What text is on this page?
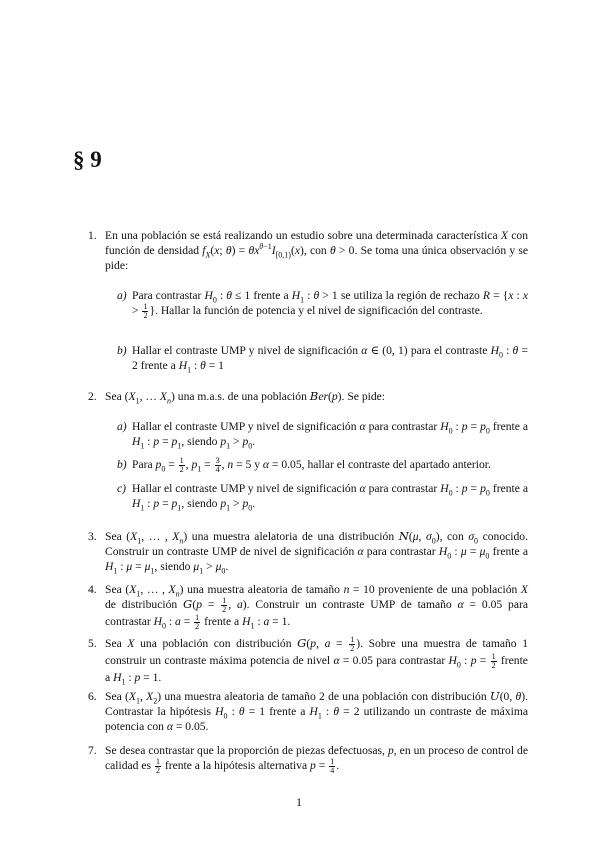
§ 9
1. En una población se está realizando un estudio sobre una determinada característica X con función de densidad $f_X(x$; $\theta) = \theta x^{\theta-1}I_{[0,1)}(x)$, con θ > 0. Se toma una única observación y se pide:
a) Para contrastar $H_0$ : θ ≤ 1 frente a $H_1$ : θ > 1 se utiliza la región de rechazo R = {x : $x > \frac{1}{2}$ }. Hallar la función de potencia y el nivel de significación del contraste.
b) Hallar el contraste UMP y nivel de significación α ∈ (0, 1) para el contraste $H_0$ : θ = 2 frente a $H_1$ : θ = 1
2. Sea ($X_1$, … $X_n$) una m.a.s. de una población Ber(p). Se pide:
a) Hallar el contraste UMP y nivel de significación α para contrastar $H_0$ : $p = p_0$ frente a $H_1$ : $p = p_1$, siendo $p_1 > p_0$.
b) Para $p_0 = \frac{1}{2}$ , $p_1 = \frac{3}{4}$ , n = 5 y α = 0.05, hallar el contraste del apartado anterior.
c) Hallar el contraste UMP y nivel de significación α para contrastar $H_0$ : $p = p_0$ frente a $H_1$ : $p = p_1$, siendo $p_1 > p_0$.
3. Sea ($X_1$, … , $X_n$) una muestra alelatoria de una distribución N(μ, $\sigma_0$), con $\sigma_0$ conocido. Construir un contraste UMP de nivel de significación α para contrastar $H_0$ : $\mu = \mu_0$ frente a $H_1$ : $\mu = \mu_1$, siendo $\mu_1 > \mu_0$.
4. Sea ($X_1$, … , $X_n$) una muestra aleatoria de tamaño n = 10 proveniente de una población X de distribución $G(p = \frac{1}{2}$ , a). Construir un contraste UMP de tamaño α = 0.05 para contrastar $H_0$ : $a = \frac{1}{2}$ frente a $H_1$ : a = 1.
5. Sea X una población con distribución G(p, $a = \frac{1}{2}$ ). Sobre una muestra de tamaño 1 construir un contraste máxima potencia de nivel α = 0.05 para contrastar $H_0$ : $p = \frac{1}{2}$ frente a $H_1$ : p = 1.
6. Sea ($X_1$, $X_2$) una muestra aleatoria de tamaño 2 de una población con distribución U(0, θ). Contrastar la hipótesis $H_0$ : θ = 1 frente a $H_1$ : θ = 2 utilizando un contraste de máxima potencia con α = 0.05.
7. Se desea contrastar que la proporción de piezas defectuosas, p, en un proceso de control de calidad es $\frac{1}{2}$ frente a la hipótesis alternativa $p = \frac{1}{4}$ .
1
